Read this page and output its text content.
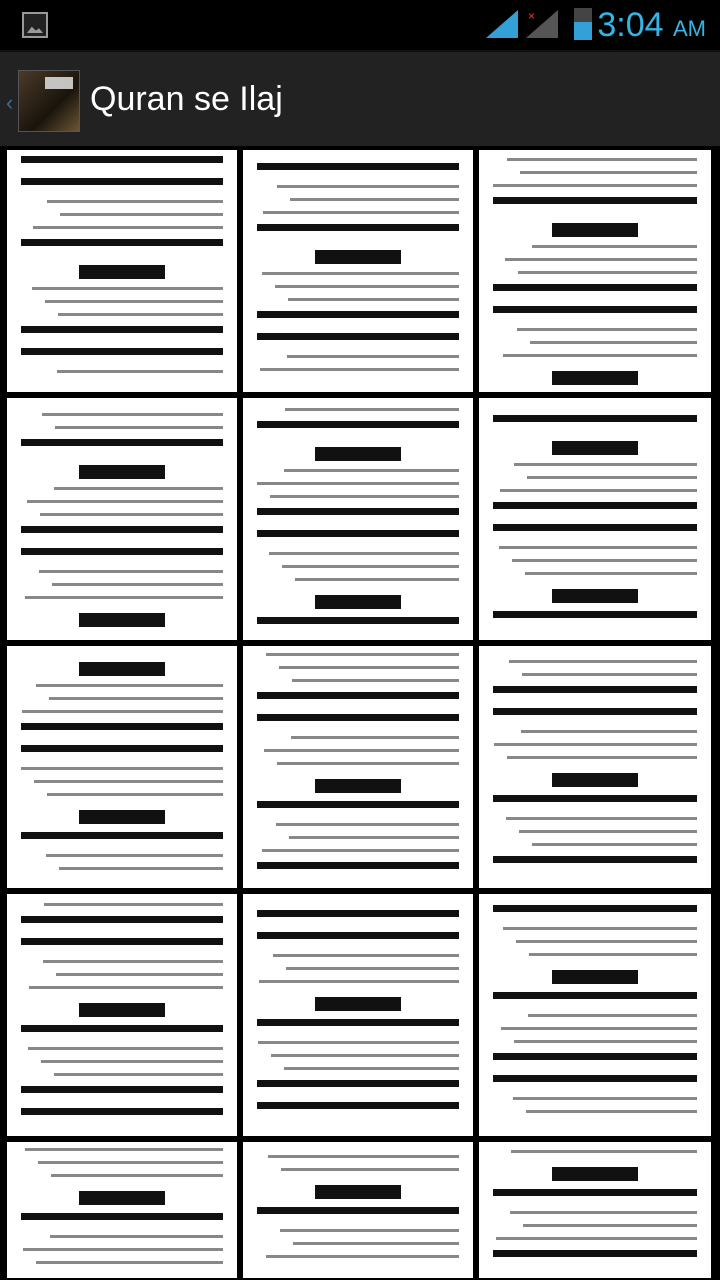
× 3:04 AM
‹ Quran se Ilaj
